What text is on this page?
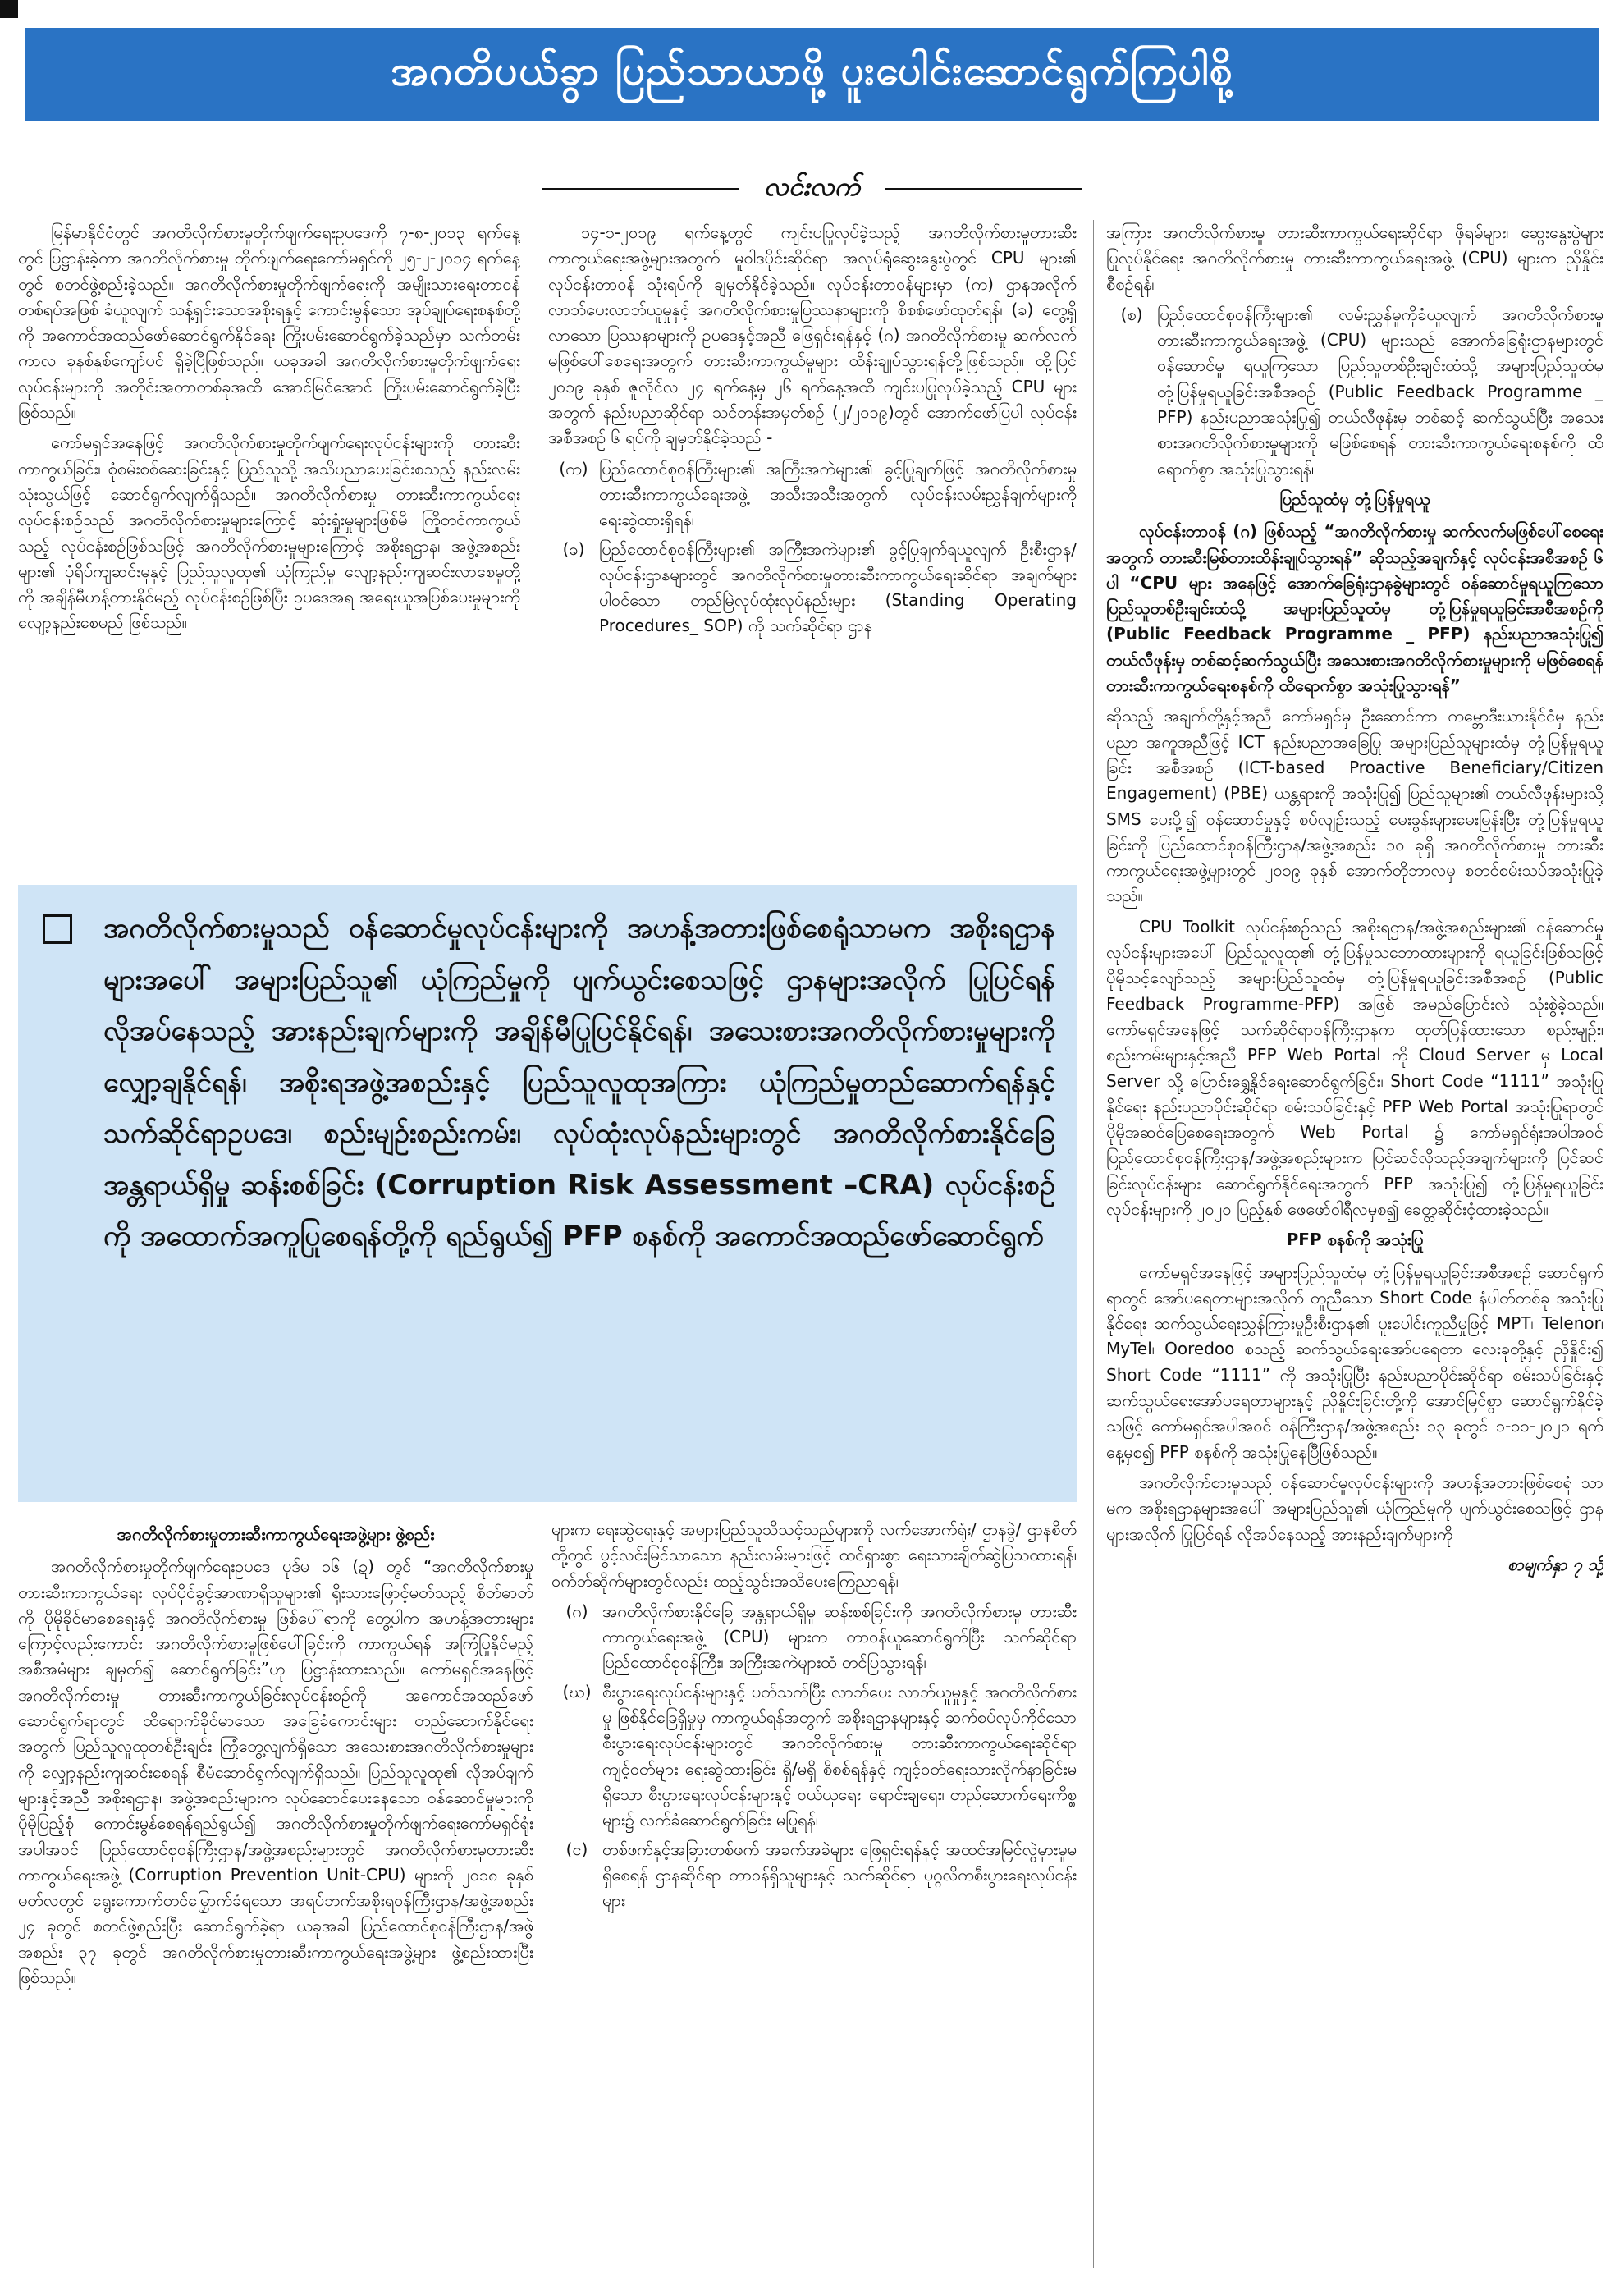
အဂတိပယ်ခွာ ပြည်သာယာဖို့ ပူးပေါင်းဆောင်ရွက်ကြပါစို့
လင်းလက်

မြန်မာနိုင်ငံတွင် အဂတိလိုက်စားမှုတိုက်ဖျက်ရေးဥပဒေကို ၇-၈-၂၀၁၃ ရက်နေ့တွင် ပြဋ္ဌာန်းခဲ့ကာ အဂတိလိုက်စားမှု တိုက်ဖျက်ရေးကော်မရှင်ကို ၂၅-၂-၂၀၁၄ ရက်နေ့တွင် စတင်ဖွဲ့စည်းခဲ့သည်။ အဂတိလိုက်စားမှုတိုက်ဖျက်ရေးကို အမျိုးသားရေးတာဝန်တစ်ရပ်အဖြစ် ခံယူလျက် သန့်ရှင်းသောအစိုးရနှင့် ကောင်းမွန်သော အုပ်ချုပ်ရေးစနစ်တို့ကို အကောင်အထည်ဖော်ဆောင်ရွက်နိုင်ရေး ကြိုးပမ်းဆောင်ရွက်ခဲ့သည်မှာ သက်တမ်းကာလ ခုနစ်နှစ်ကျော်ပင် ရှိခဲ့ပြီဖြစ်သည်။ ယခုအခါ အဂတိလိုက်စားမှုတိုက်ဖျက်ရေး လုပ်ငန်းများကို အတိုင်းအတာတစ်ခုအထိ အောင်မြင်အောင် ကြိုးပမ်းဆောင်ရွက်ခဲ့ပြီးဖြစ်သည်။

ကော်မရှင်အနေဖြင့် အဂတိလိုက်စားမှုတိုက်ဖျက်ရေးလုပ်ငန်းများကို တားဆီးကာကွယ်ခြင်း၊ စုံစမ်းစစ်ဆေးခြင်းနှင့် ပြည်သူသို့ အသိပညာပေးခြင်းစသည့် နည်းလမ်းသုံးသွယ်ဖြင့် ဆောင်ရွက်လျက်ရှိသည်။ အဂတိလိုက်စားမှု တားဆီးကာကွယ်ရေးလုပ်ငန်းစဉ်သည် အဂတိလိုက်စားမှုများကြောင့် ဆုံးရှုံးမှုများဖြစ်မိ ကြိုတင်ကာကွယ်သည့် လုပ်ငန်းစဉ်ဖြစ်သဖြင့် အဂတိလိုက်စားမှုများကြောင့် အစိုးရဌာန၊ အဖွဲ့အစည်းများ၏ ပုံရိပ်ကျဆင်းမှုနှင့် ပြည်သူလူထု၏ ယုံကြည်မှု လျော့နည်းကျဆင်းလာစေမှုတို့ကို အချိန်မီဟန့်တားနိုင်မည့် လုပ်ငန်းစဉ်ဖြစ်ပြီး ဥပဒေအရ အရေးယူအပြစ်ပေးမှုများကို လျော့နည်းစေမည် ဖြစ်သည်။

၁၄-၁-၂၀၁၉ ရက်နေ့တွင် ကျင်းပပြုလုပ်ခဲ့သည့် အဂတိလိုက်စားမှုတားဆီးကာကွယ်ရေးအဖွဲ့များအတွက် မူဝါဒပိုင်းဆိုင်ရာ အလုပ်ရုံဆွေးနွေးပွဲတွင် CPU များ၏ လုပ်ငန်းတာဝန် သုံးရပ်ကို ချမှတ်နိုင်ခဲ့သည်။ လုပ်ငန်းတာဝန်များမှာ (က) ဌာနအလိုက် လာဘ်ပေးလာဘ်ယူမှုနှင့် အဂတိလိုက်စားမှုပြဿနာများကို စိစစ်ဖော်ထုတ်ရန်၊ (ခ) တွေ့ရှိလာသော ပြဿနာများကို ဥပဒေနှင့်အညီ ဖြေရှင်းရန်နှင့် (ဂ) အဂတိလိုက်စားမှု ဆက်လက်မဖြစ်ပေါ်စေရေးအတွက် တားဆီးကာကွယ်မှုများ ထိန်းချုပ်သွားရန်တို့ဖြစ်သည်။ ထို့ပြင် ၂၀၁၉ ခုနှစ် ဇူလိုင်လ ၂၄ ရက်နေ့မှ ၂၆ ရက်နေ့အထိ ကျင်းပပြုလုပ်ခဲ့သည့် CPU များအတွက် နည်းပညာဆိုင်ရာ သင်တန်းအမှတ်စဉ် (၂/၂၀၁၉)တွင် အောက်ဖော်ပြပါ လုပ်ငန်းအစီအစဉ် ၆ ရပ်ကို ချမှတ်နိုင်ခဲ့သည် -

(က) ပြည်ထောင်စုဝန်ကြီးများ၏ အကြီးအကဲများ၏ ခွင့်ပြုချက်ဖြင့် အဂတိလိုက်စားမှုတားဆီးကာကွယ်ရေးအဖွဲ့ အသီးအသီးအတွက် လုပ်ငန်းလမ်းညွှန်ချက်များကို ရေးဆွဲထားရှိရန်၊
(ခ) ပြည်ထောင်စုဝန်ကြီးများ၏ အကြီးအကဲများ၏ ခွင့်ပြုချက်ရယူလျက် ဦးစီးဌာန/လုပ်ငန်းဌာနများတွင် အဂတိလိုက်စားမှုတားဆီးကာကွယ်ရေးဆိုင်ရာ အချက်များပါဝင်သော တည်မြဲလုပ်ထုံးလုပ်နည်းများ (Standing Operating Procedures_ SOP) ကို သက်ဆိုင်ရာ ဌာန

အကြား အဂတိလိုက်စားမှု တားဆီးကာကွယ်ရေးဆိုင်ရာ ဖိုရမ်များ၊ ဆွေးနွေးပွဲများ ပြုလုပ်နိုင်ရေး အဂတိလိုက်စားမှု တားဆီးကာကွယ်ရေးအဖွဲ့ (CPU) များက ညှိနှိုင်းစီစဉ်ရန်၊

(စ) ပြည်ထောင်စုဝန်ကြီးများ၏ လမ်းညွှန်မှုကိုခံယူလျက် အဂတိလိုက်စားမှု တားဆီးကာကွယ်ရေးအဖွဲ့ (CPU) များသည် အောက်ခြေရုံးဌာနများတွင် ဝန်ဆောင်မှု ရယူကြသော ပြည်သူတစ်ဦးချင်းထံသို့ အများပြည်သူထံမှ တုံ့ပြန်မှုရယူခြင်းအစီအစဉ် (Public Feedback Programme _ PFP) နည်းပညာအသုံးပြု၍ တယ်လီဖုန်းမှ တစ်ဆင့် ဆက်သွယ်ပြီး အသေးစားအဂတိလိုက်စားမှုများကို မဖြစ်စေရန် တားဆီးကာကွယ်ရေးစနစ်ကို ထိရောက်စွာ အသုံးပြုသွားရန်။

ပြည်သူထံမှ တုံ့ပြန်မှုရယူ

လုပ်ငန်းတာဝန် (ဂ) ဖြစ်သည့် “အဂတိလိုက်စားမှု ဆက်လက်မဖြစ်ပေါ်စေရေးအတွက် တားဆီးမြစ်တားထိန်းချုပ်သွားရန်” ဆိုသည့်အချက်နှင့် လုပ်ငန်းအစီအစဉ် ၆ ပါ “CPU များ အနေဖြင့် အောက်ခြေရုံးဌာနခွဲများတွင် ဝန်ဆောင်မှုရယူကြသော ပြည်သူတစ်ဦးချင်းထံသို့ အများပြည်သူထံမှ တုံ့ပြန်မှုရယူခြင်းအစီအစဉ်ကို (Public Feedback Programme _ PFP) နည်းပညာအသုံးပြု၍ တယ်လီဖုန်းမှ တစ်ဆင့်ဆက်သွယ်ပြီး အသေးစားအဂတိလိုက်စားမှုများကို မဖြစ်စေရန် တားဆီးကာကွယ်ရေးစနစ်ကို ထိရောက်စွာ အသုံးပြုသွားရန်”

ဆိုသည့် အချက်တို့နှင့်အညီ ကော်မရှင်မှ ဦးဆောင်ကာ ကမ္ဘောဒီးယားနိုင်ငံမှ နည်းပညာ အကူအညီဖြင့် ICT နည်းပညာအခြေပြု အများပြည်သူများထံမှ တုံ့ပြန်မှုရယူခြင်း အစီအစဉ် (ICT-based Proactive Beneficiary/Citizen Engagement) (PBE) ယန္တရားကို အသုံးပြု၍ ပြည်သူများ၏ တယ်လီဖုန်းများသို့ SMS ပေးပို့၍ ဝန်ဆောင်မှုနှင့် စပ်လျဉ်းသည့် မေးခွန်းများမေးမြန်းပြီး တုံ့ပြန်မှုရယူခြင်းကို ပြည်ထောင်စုဝန်ကြီးဌာန/အဖွဲ့အစည်း ၁၀ ခုရှိ အဂတိလိုက်စားမှု တားဆီးကာကွယ်ရေးအဖွဲ့များတွင် ၂၀၁၉ ခုနှစ် အောက်တိုဘာလမှ စတင်စမ်းသပ်အသုံးပြုခဲ့သည်။

CPU Toolkit လုပ်ငန်းစဉ်သည် အစိုးရဌာန/အဖွဲ့အစည်းများ၏ ဝန်ဆောင်မှုလုပ်ငန်းများအပေါ် ပြည်သူလူထု၏ တုံ့ပြန်မှုသဘောထားများကို ရယူခြင်းဖြစ်သဖြင့် ပိုမိုသင့်လျော်သည့် အများပြည်သူထံမှ တုံ့ပြန်မှုရယူခြင်းအစီအစဉ် (Public Feedback Programme-PFP) အဖြစ် အမည်ပြောင်းလဲ သုံးစွဲခဲ့သည်။ ကော်မရှင်အနေဖြင့် သက်ဆိုင်ရာဝန်ကြီးဌာနက ထုတ်ပြန်ထားသော စည်းမျဉ်း၊ စည်းကမ်းများနှင့်အညီ PFP Web Portal ကို Cloud Server မှ Local Server သို့ ပြောင်းရွှေ့နိုင်ရေးဆောင်ရွက်ခြင်း၊ Short Code “1111” အသုံးပြုနိုင်ရေး နည်းပညာပိုင်းဆိုင်ရာ စမ်းသပ်ခြင်းနှင့် PFP Web Portal အသုံးပြုရာတွင် ပိုမိုအဆင်ပြေစေရေးအတွက် Web Portal ၌ ကော်မရှင်ရုံးအပါအဝင် ပြည်ထောင်စုဝန်ကြီးဌာန/အဖွဲ့အစည်းများက ပြင်ဆင်လိုသည့်အချက်များကို ပြင်ဆင်ခြင်းလုပ်ငန်းများ ဆောင်ရွက်နိုင်ရေးအတွက် PFP အသုံးပြု၍ တုံ့ပြန်မှုရယူခြင်းလုပ်ငန်းများကို ၂၀၂၀ ပြည့်နှစ် ဖေဖော်ဝါရီလမှစ၍ ခေတ္တဆိုင်းငံ့ထားခဲ့သည်။

PFP စနစ်ကို အသုံးပြု

ကော်မရှင်အနေဖြင့် အများပြည်သူထံမှ တုံ့ပြန်မှုရယူခြင်းအစီအစဉ် ဆောင်ရွက်ရာတွင် အော်ပရေတာများအလိုက် တူညီသော Short Code နံပါတ်တစ်ခု အသုံးပြုနိုင်ရေး ဆက်သွယ်ရေးညွှန်ကြားမှုဦးစီးဌာန၏ ပူးပေါင်းကူညီမှုဖြင့် MPT၊ Telenor၊ MyTel၊ Ooredoo စသည့် ဆက်သွယ်ရေးအော်ပရေတာ လေးခုတို့နှင့် ညှိနှိုင်း၍ Short Code “1111” ကို အသုံးပြုပြီး နည်းပညာပိုင်းဆိုင်ရာ စမ်းသပ်ခြင်းနှင့် ဆက်သွယ်ရေးအော်ပရေတာများနှင့် ညှိနှိုင်းခြင်းတို့ကို အောင်မြင်စွာ ဆောင်ရွက်နိုင်ခဲ့သဖြင့် ကော်မရှင်အပါအဝင် ဝန်ကြီးဌာန/အဖွဲ့အစည်း ၁၃ ခုတွင် ၁-၁၁-၂၀၂၁ ရက်နေ့မှစ၍ PFP စနစ်ကို အသုံးပြုနေပြီဖြစ်သည်။

အဂတိလိုက်စားမှုသည် ဝန်ဆောင်မှုလုပ်ငန်းများကို အဟန့်အတားဖြစ်စေရုံ သာမက အစိုးရဌာနများအပေါ် အများပြည်သူ၏ ယုံကြည်မှုကို ပျက်ယွင်းစေသဖြင့် ဌာနများအလိုက် ပြုပြင်ရန် လိုအပ်နေသည့် အားနည်းချက်များကို

စာမျက်နှာ ၇ သို့

အဂတိလိုက်စားမှုသည် ဝန်ဆောင်မှုလုပ်ငန်းများကို အဟန့်အတားဖြစ်စေရုံသာမက အစိုးရဌာနများအပေါ် အများပြည်သူ၏ ယုံကြည်မှုကို ပျက်ယွင်းစေသဖြင့် ဌာနများအလိုက် ပြုပြင်ရန် လိုအပ်နေသည့် အားနည်းချက်များကို အချိန်မီပြုပြင်နိုင်ရန်၊ အသေးစားအဂတိလိုက်စားမှုများကို လျှော့ချနိုင်ရန်၊ အစိုးရအဖွဲ့အစည်းနှင့် ပြည်သူလူထုအကြား ယုံကြည်မှုတည်ဆောက်ရန်နှင့် သက်ဆိုင်ရာဥပဒေ၊ စည်းမျဉ်းစည်းကမ်း၊ လုပ်ထုံးလုပ်နည်းများတွင် အဂတိလိုက်စားနိုင်ခြေ အန္တရာယ်ရှိမှု ဆန်းစစ်ခြင်း (Corruption Risk Assessment –CRA) လုပ်ငန်းစဉ်ကို အထောက်အကူပြုစေရန်တို့ကို ရည်ရွယ်၍ PFP စနစ်ကို အကောင်အထည်ဖော်ဆောင်ရွက်

အဂတိလိုက်စားမှုတားဆီးကာကွယ်ရေးအဖွဲ့များ ဖွဲ့စည်း

အဂတိလိုက်စားမှုတိုက်ဖျက်ရေးဥပဒေ ပုဒ်မ ၁၆ (ဍ) တွင် “အဂတိလိုက်စားမှုတားဆီးကာကွယ်ရေး လုပ်ပိုင်ခွင့်အာဏာရှိသူများ၏ ရိုးသားဖြောင့်မတ်သည့် စိတ်ဓာတ်ကို ပိုမိုခိုင်မာစေရေးနှင့် အဂတိလိုက်စားမှု ဖြစ်ပေါ်ရာကို တွေ့ပါက အဟန့်အတားများ ကြောင့်လည်းကောင်း အဂတိလိုက်စားမှုဖြစ်ပေါ်ခြင်းကို ကာကွယ်ရန် အကြံပြုနိုင်မည့် အစီအမံများ ချမှတ်၍ ဆောင်ရွက်ခြင်း”ဟု ပြဋ္ဌာန်းထားသည်။ ကော်မရှင်အနေဖြင့် အဂတိလိုက်စားမှု တားဆီးကာကွယ်ခြင်းလုပ်ငန်းစဉ်ကို အကောင်အထည်ဖော် ဆောင်ရွက်ရာတွင် ထိရောက်ခိုင်မာသော အခြေခံကောင်းများ တည်ဆောက်နိုင်ရေးအတွက် ပြည်သူလူထုတစ်ဦးချင်း ကြုံတွေ့လျက်ရှိသော အသေးစားအဂတိလိုက်စားမှုများကို လျှော့နည်းကျဆင်းစေရန် စီမံဆောင်ရွက်လျက်ရှိသည်။ ပြည်သူလူထု၏ လိုအပ်ချက်များနှင့်အညီ အစိုးရဌာန၊ အဖွဲ့အစည်းများက လုပ်ဆောင်ပေးနေသော ဝန်ဆောင်မှုများကို ပိုမိုပြည့်စုံ ကောင်းမွန်စေရန်ရည်ရွယ်၍ အဂတိလိုက်စားမှုတိုက်ဖျက်ရေးကော်မရှင်ရုံးအပါအဝင် ပြည်ထောင်စုဝန်ကြီးဌာန/အဖွဲ့အစည်းများတွင် အဂတိလိုက်စားမှုတားဆီးကာကွယ်ရေးအဖွဲ့ (Corruption Prevention Unit-CPU) များကို ၂၀၁၈ ခုနှစ် မတ်လတွင် ရွေးကောက်တင်မြှောက်ခံရသော အရပ်ဘက်အစိုးရဝန်ကြီးဌာန/အဖွဲ့အစည်း ၂၄ ခုတွင် စတင်ဖွဲ့စည်းပြီး ဆောင်ရွက်ခဲ့ရာ ယခုအခါ ပြည်ထောင်စုဝန်ကြီးဌာန/အဖွဲ့အစည်း ၃၇ ခုတွင် အဂတိလိုက်စားမှုတားဆီးကာကွယ်ရေးအဖွဲ့များ ဖွဲ့စည်းထားပြီး ဖြစ်သည်။

များက ရေးဆွဲရေးနှင့် အများပြည်သူသိသင့်သည်များကို လက်အောက်ရုံး/ ဌာနခွဲ/ ဌာနစိတ်တို့တွင် ပွင့်လင်းမြင်သာသော နည်းလမ်းများဖြင့် ထင်ရှားစွာ ရေးသားချိတ်ဆွဲပြသထားရန်၊ ဝက်ဘ်ဆိုက်များတွင်လည်း ထည့်သွင်းအသိပေးကြေညာရန်၊

(ဂ) အဂတိလိုက်စားနိုင်ခြေ အန္တရာယ်ရှိမှု ဆန်းစစ်ခြင်းကို အဂတိလိုက်စားမှု တားဆီးကာကွယ်ရေးအဖွဲ့ (CPU) များက တာဝန်ယူဆောင်ရွက်ပြီး သက်ဆိုင်ရာ ပြည်ထောင်စုဝန်ကြီး၊ အကြီးအကဲများထံ တင်ပြသွားရန်၊
(ဃ) စီးပွားရေးလုပ်ငန်းများနှင့် ပတ်သက်ပြီး လာဘ်ပေး လာဘ်ယူမှုနှင့် အဂတိလိုက်စားမှု ဖြစ်နိုင်ခြေရှိမှုမှ ကာကွယ်ရန်အတွက် အစိုးရဌာနများနှင့် ဆက်စပ်လုပ်ကိုင်သော စီးပွားရေးလုပ်ငန်းများတွင် အဂတိလိုက်စားမှု တားဆီးကာကွယ်ရေးဆိုင်ရာ ကျင့်ဝတ်များ ရေးဆွဲထားခြင်း ရှိ/မရှိ စိစစ်ရန်နှင့် ကျင့်ဝတ်ရေးသားလိုက်နာခြင်းမရှိသော စီးပွားရေးလုပ်ငန်းများနှင့် ဝယ်ယူရေး၊ ရောင်းချရေး၊ တည်ဆောက်ရေးကိစ္စများ၌ လက်ခံဆောင်ရွက်ခြင်း မပြုရန်၊
(င) တစ်ဖက်နှင့်အခြားတစ်ဖက် အခက်အခဲများ ဖြေရှင်းရန်နှင့် အထင်အမြင်လွဲမှားမှုမရှိစေရန် ဌာနဆိုင်ရာ တာဝန်ရှိသူများနှင့် သက်ဆိုင်ရာ ပုဂ္ဂလိကစီးပွားရေးလုပ်ငန်းများ
